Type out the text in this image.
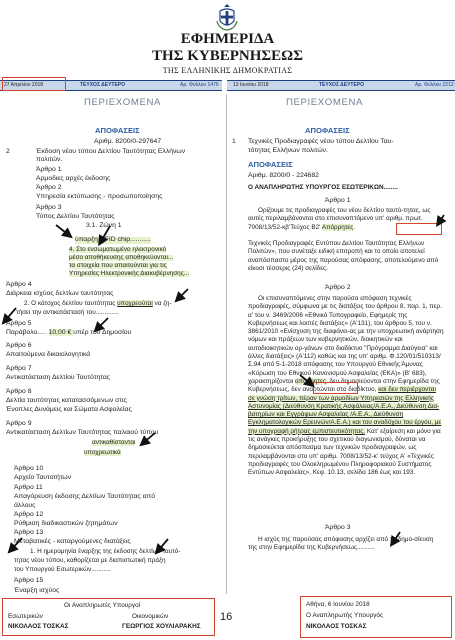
ΕΦΗΜΕΡΙΔΑ
ΤΗΣ ΚΥΒΕΡΝΗΣΕΩΣ
ΤΗΣ ΕΛΛΗΝΙΚΗΣ ΔΗΜΟΚΡΑΤΙΑΣ
27 Απριλίου 2018	ΤΕΥΧΟΣ ΔΕΥΤΕΡΟ	Αρ. Φύλλου 1476	13 Ιουνίου 2018	ΤΕΥΧΟΣ ΔΕΥΤΕΡΟ	Αρ. Φύλλου 2212
ΠΕΡΙΕΧΟΜΕΝΑ
ΑΠΟΦΑΣΕΙΣ
Αριθμ. 8200/0-297647
2	Έκδοση νέου τύπου Δελτίου Ταυτότητας Ελλήνων
πολιτών.
Άρθρο 1
Αρμοδιες αρχές έκδοσης
Άρθρο 2
Υπηρεσία εκτύπωσης - προσωποποίησης
Άρθρο 3
Τύπος Δελτίου Ταυτότητας
3.1. Ζώνη 1
ύπαρξη RFID chip...........
4. Στο ενσωματωμένο ηλεκτρονικό
μέσο αποθήκευσης αποθηκεύονται...
τα στοιχεία που απαιτούνται για τις
Υπηρεσίες Ηλεκτρονικής Διακυβέρνησης...
Άρθρο 4
Διάρκεια ισχύος δελτίων ταυτότητας
2. Ο κάτοχος δελτίου ταυτότητας υποχρεούται να ζη-
τήσει την αντικατάστασή του.............
Άρθρο 5
Παράβολο..... 10,00 € υπέρ του Δημοσίου
Άρθρο 6
Απαιτούμενα δικαιολογητικά
Άρθρο 7
Αντικατάσταση Δελτίου Ταυτότητας
Άρθρο 8
Δελτία ταυτότητας κατατασσόμενων στις
Ένοπλες Δυνάμεις και Σώματα Ασφαλείας
Άρθρο 9
Αντικατάσταση Δελτίων Ταυτότητας παλαιού τύπου
αντικαθίστανται
υποχρεωτικά
Άρθρο 10
Αρχείο Ταυτοτήτων
Άρθρο 11
Απαγόρευση έκδοσης Δελτίων Ταυτότητας από
άλλους
Άρθρο 12
Ρύθμιση διαδικαστικών ζητημάτων
Άρθρο 13
Μεταβατικές - καταργούμενες διατάξεις
1. Η ημερομηνία έναρξης της έκδοσης δελτίων ταυτό-
τητας νέου τύπου, καθορίζεται με διαπιστωτική πράξη
του Υπουργού Εσωτερικών...........
Άρθρο 15
Έναρξη ισχύος
Οι Αναπληρωτές Υπουργοί
Εσωτερικών	Οικονομικών
ΝΙΚΟΛΑΟΣ ΤΟΣΚΑΣ	ΓΕΩΡΓΙΟΣ ΧΟΥΛΙΑΡΑΚΗΣ
16
ΠΕΡΙΕΧΟΜΕΝΑ
ΑΠΟΦΑΣΕΙΣ
1 Τεχνικές Προδιαγραφές νέου τύπου Δελτίου Ταυ-
τότητας Ελλήνων πολιτών.
ΑΠΟΦΑΣΕΙΣ
Αριθμ. 8200/0 - 224682
Ο ΑΝΑΠΛΗΡΩΤΗΣ ΥΠΟΥΡΓΟΣ ΕΣΩΤΕΡΙΚΩΝ........
Άρθρο 1
Ορίζουμε τις προδιαγραφές του νέου δελτίου ταυτό-τητας, ως αυτές περιλαμβάνονται στο επισυναπτόμενο υπ' αριθμ. πρωτ. 7008/13/52-κβ'Τεύχος Β2' Απόρρητες.
Τεχνικές Προδιαγραφές Εντύπου Δελτίου Ταυτότητας Ελλήνων Πολιτών», που συνέταξε ειδική επιτροπή και το οποίο αποτελεί αναπόσπαστο μέρος της παρούσας απόφασης, αποτελούμενο από είκοσι τέσσερις (24) σελίδες.
Άρθρο 2
Οι επισυναπτόμενες στην παρούσα απόφαση τεχνικές προδιαγραφές, σύμφωνα με τις διατάξεις του άρθρου 8, παρ. 1, περ. α' του ν. 3469/2006 «Εθνικό Τυπογραφείο, Εφημερίς της Κυβερνήσεως και λοιπές διατάξεις» (Α'131), του άρθρου 5, του ν. 3861/2010 «Ενίσχυση της διαφάνει-ας με την υποχρεωτική ανάρτηση νόμων και πράξεων των κυβερνητικών, διοικητικών και αυτοδιοικητικών ορ-γάνων στο διαδίκτυο "Πρόγραμμα Διαύγεια" και άλλες διατάξεις» (Α'112) καθώς και της υπ' αριθμ. Φ.120/01/510313/Σ.94 από 5-1-2018 απόφασης του Υπουργού Εθνικής Άμυνας «Κύρωση του Εθνικού Κανονισμού Ασφαλείας (ΕΚΑ)» (Β' 683), χαρακτηρίζονται απόρρητες, δεν δημοσιεύονται στην Εφημερίδα της Κυβερνήσεως, δεν αναρτώνται στο διαδίκτυο, και δεν περιέρχονται σε γνώση τρίτων, πέραν των αρμοδίων Υπηρεσιών της Ελληνικής Αστυνομίας (Διεύθυνση Κρατικής Ασφάλειας/Α.Ε.Α., Διεύθυνση Δια-βατηρίων και Εγγράφων Ασφαλείας /Α.Ε.Α., Διεύθυνση Εγκληματολογικών Ερευνών/Α.Ε.Α.) και του αναδόχου του έργου, με την υπογραφή ρήτρας εμπιστευτικότητας. Κατ' εξαίρεση και μόνο για τις ανάγκες προκήρυξης του σχετικού διαγωνισμού, δύναται να δημοσιεύεται απόσπασμα των τεχνικών προδιαγραφών, ως περιλαμβάνονται στο υπ' αριθμ. 7008/13/52-κ' τεύχος Α' «Τεχνικές προδιαγραφές του Ολοκληρωμένου Πληροφοριακού Συστήματος Εντύπων Ασφαλείας», Κεφ. 10.13, σελίδα 186 έως και 193.
Άρθρο 3
Η ισχύς της παρούσας απόφασης αρχίζει από τη δημο-σίευση της στην Εφημερίδα της Κυβερνήσεως..........
Αθήνα, 6 Ιουνίου 2018
Ο Αναπληρωτής Υπουργός
ΝΙΚΟΛΑΟΣ ΤΟΣΚΑΣ
